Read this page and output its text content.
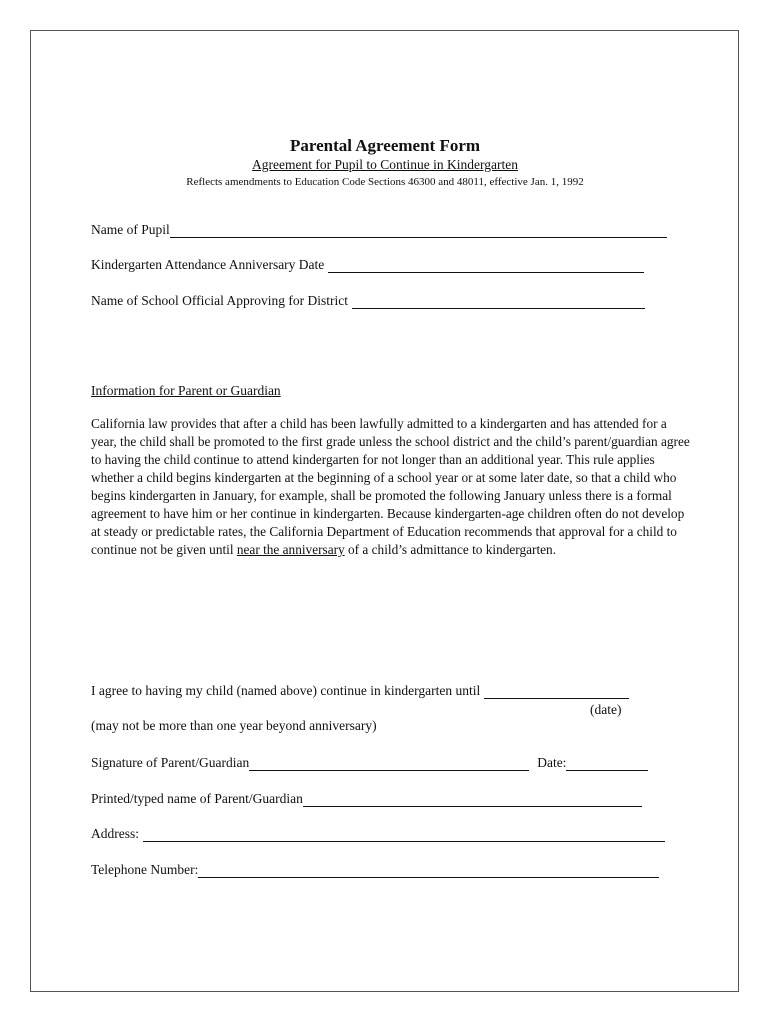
Parental Agreement Form
Agreement for Pupil to Continue in Kindergarten
Reflects amendments to Education Code Sections 46300 and 48011, effective Jan. 1, 1992
Name of Pupil
Kindergarten Attendance Anniversary Date
Name of School Official Approving for District
Information for Parent or Guardian
California law provides that after a child has been lawfully admitted to a kindergarten and has attended for a year, the child shall be promoted to the first grade unless the school district and the child’s parent/guardian agree to having the child continue to attend kindergarten for not longer than an additional year. This rule applies whether a child begins kindergarten at the beginning of a school year or at some later date, so that a child who begins kindergarten in January, for example, shall be promoted the following January unless there is a formal agreement to have him or her continue in kindergarten. Because kindergarten-age children often do not develop at steady or predictable rates, the California Department of Education recommends that approval for a child to continue not be given until near the anniversary of a child’s admittance to kindergarten.
I agree to having my child (named above) continue in kindergarten until
(date)
(may not be more than one year beyond anniversary)
Signature of Parent/Guardian	Date:
Printed/typed name of Parent/Guardian
Address:
Telephone Number:
